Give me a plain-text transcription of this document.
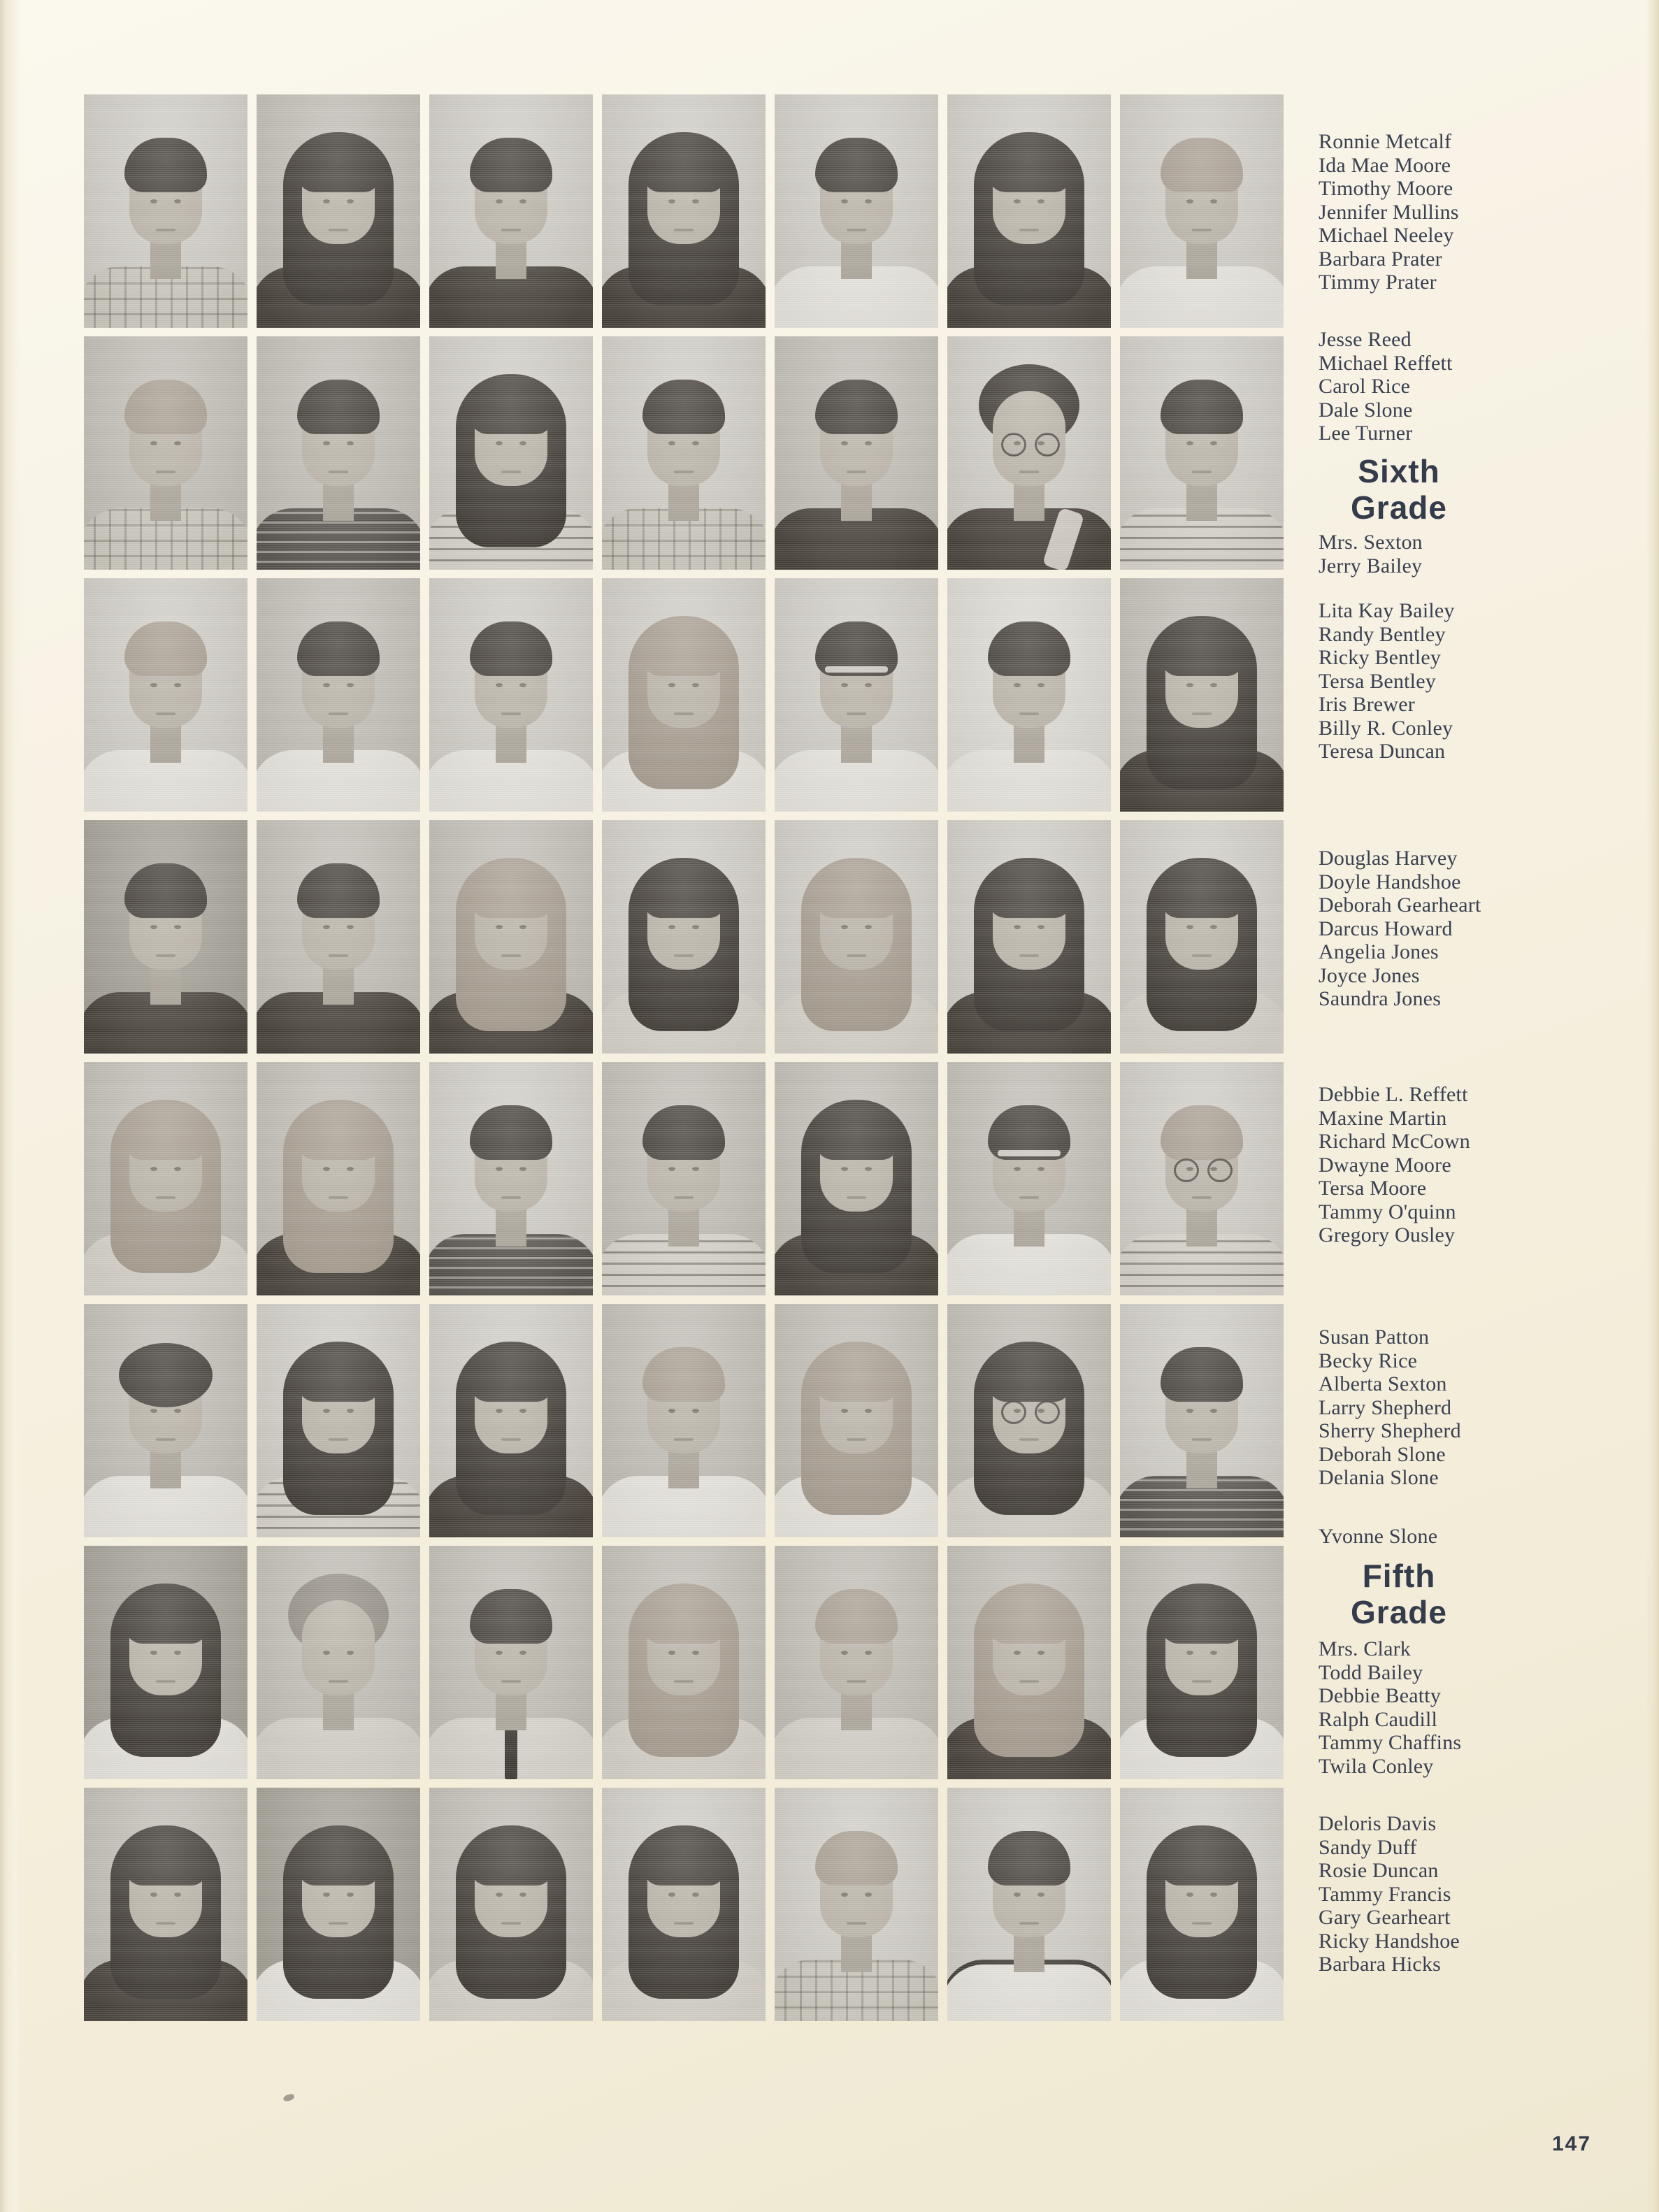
Ronnie Metcalf
Ida Mae Moore
Timothy Moore
Jennifer Mullins
Michael Neeley
Barbara Prater
Timmy Prater
Jesse Reed
Michael Reffett
Carol Rice
Dale Slone
Lee Turner
Sixth
Grade
Mrs. Sexton
Jerry Bailey
Lita Kay Bailey
Randy Bentley
Ricky Bentley
Tersa Bentley
Iris Brewer
Billy R. Conley
Teresa Duncan
Douglas Harvey
Doyle Handshoe
Deborah Gearheart
Darcus Howard
Angelia Jones
Joyce Jones
Saundra Jones
Debbie L. Reffett
Maxine Martin
Richard McCown
Dwayne Moore
Tersa Moore
Tammy O'quinn
Gregory Ousley
Susan Patton
Becky Rice
Alberta Sexton
Larry Shepherd
Sherry Shepherd
Deborah Slone
Delania Slone
Yvonne Slone
Fifth
Grade
Mrs. Clark
Todd Bailey
Debbie Beatty
Ralph Caudill
Tammy Chaffins
Twila Conley
Deloris Davis
Sandy Duff
Rosie Duncan
Tammy Francis
Gary Gearheart
Ricky Handshoe
Barbara Hicks
147
